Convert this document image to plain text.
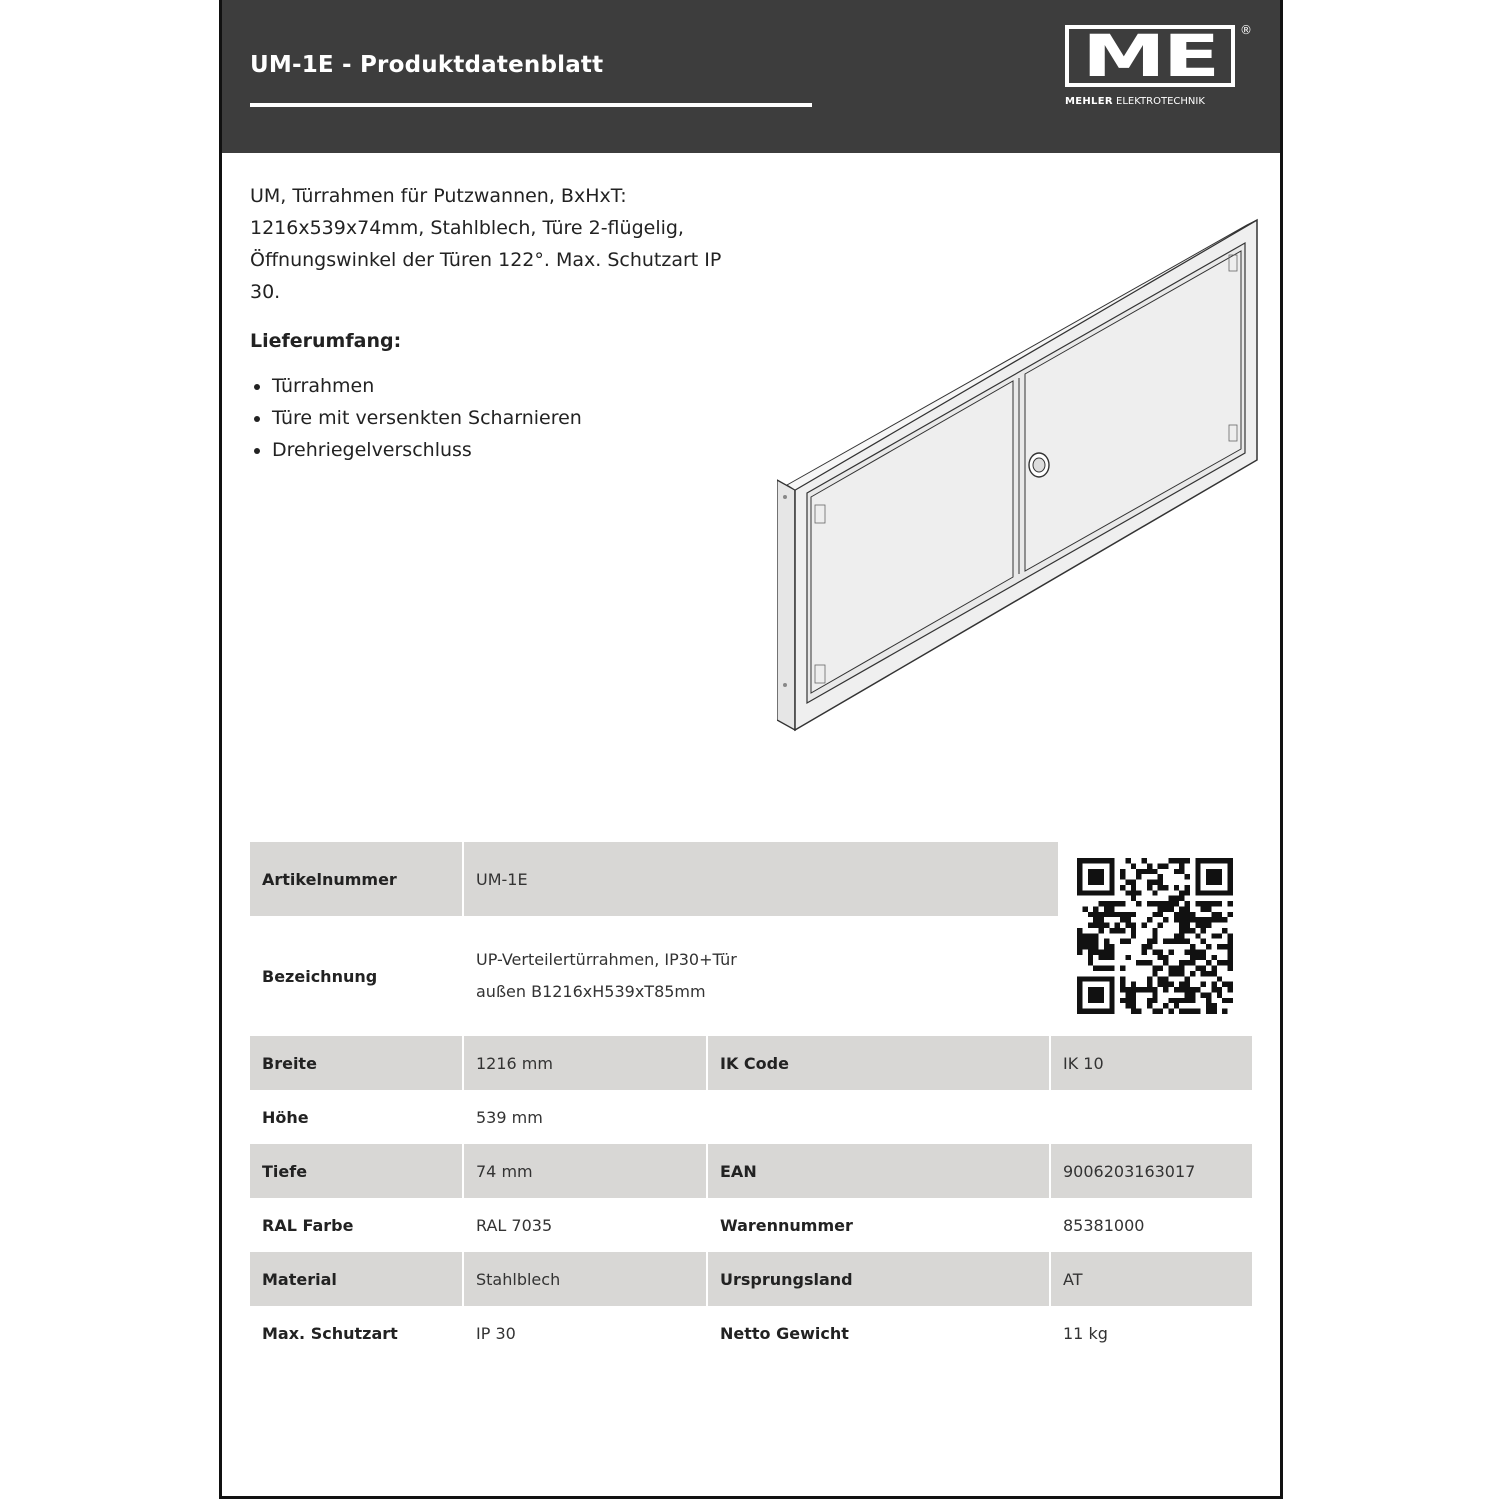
UM-1E - Produktdatenblatt	ME ®
MEHLER ELEKTROTECHNIK
UM, Türrahmen für Putzwannen, BxHxT: 1216x539x74mm, Stahlblech, Türe 2-flügelig, Öffnungswinkel der Türen 122°. Max. Schutzart IP 30.
Lieferumfang:
• Türrahmen
• Türe mit versenkten Scharnieren
• Drehriegelverschluss
Artikelnummer	UM-1E
Bezeichnung
UP-Verteilertürrahmen, IP30+Tür
außen B1216xH539xT85mm
Breite	1216 mm	IK Code	IK 10
Höhe	539 mm
Tiefe	74 mm	EAN	9006203163017
RAL Farbe	RAL 7035	Warennummer	85381000
Material	Stahlblech	Ursprungsland	AT
Max. Schutzart	IP 30	Netto Gewicht	11 kg
